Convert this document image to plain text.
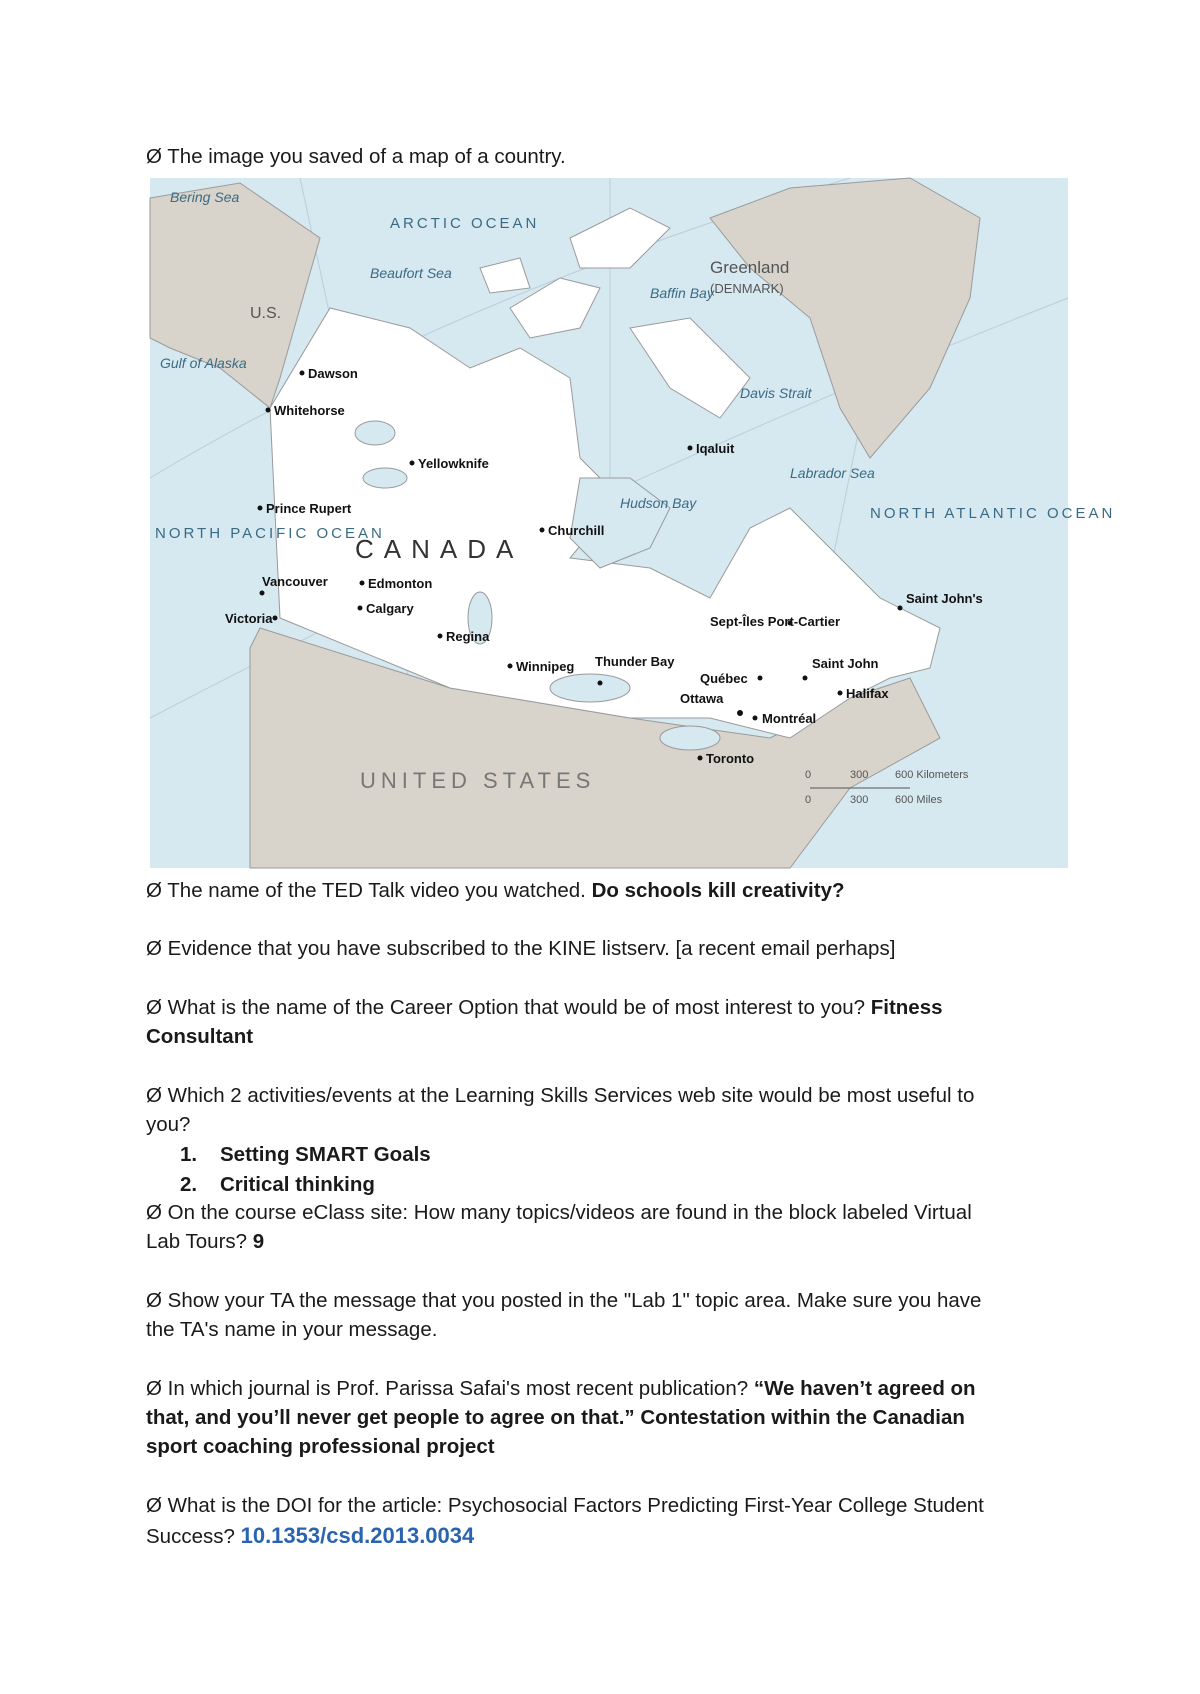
Ø The image you saved of a map of a country.
Bering Sea
Beaufort Sea
Hudson Bay
Baffin Bay
Labrador Sea
Gulf of Alaska
Davis Strait
ARCTIC OCEAN
NORTH PACIFIC OCEAN
NORTH ATLANTIC OCEAN
CANADA
UNITED STATES
Greenland
(DENMARK)
U.S.
Dawson
Whitehorse
Yellowknife
Iqaluit
Prince Rupert
Churchill
Edmonton
Vancouver
Calgary
Victoria
Regina
Winnipeg Thunder Bay
Sept-Îles Port-Cartier
Québec
Saint John
Halifax
Ottawa
Montréal
Toronto
Saint John's
0	300 600 Kilometers
0	300 600 Miles
Ø The name of the TED Talk video you watched. Do schools kill creativity?
Ø Evidence that you have subscribed to the KINE listserv. [a recent email perhaps]
Ø What is the name of the Career Option that would be of most interest to you? Fitness
Consultant
Ø Which 2 activities/events at the Learning Skills Services web site would be most useful to
you?
1. Setting SMART Goals
2. Critical thinking
Ø On the course eClass site: How many topics/videos are found in the block labeled Virtual
Lab Tours? 9
Ø Show your TA the message that you posted in the "Lab 1" topic area. Make sure you have
the TA's name in your message.
Ø In which journal is Prof. Parissa Safai's most recent publication? “We haven’t agreed on
that, and you’ll never get people to agree on that.” Contestation within the Canadian
sport coaching professional project
Ø What is the DOI for the article: Psychosocial Factors Predicting First-Year College Student
Success? 10.1353/csd.2013.0034
